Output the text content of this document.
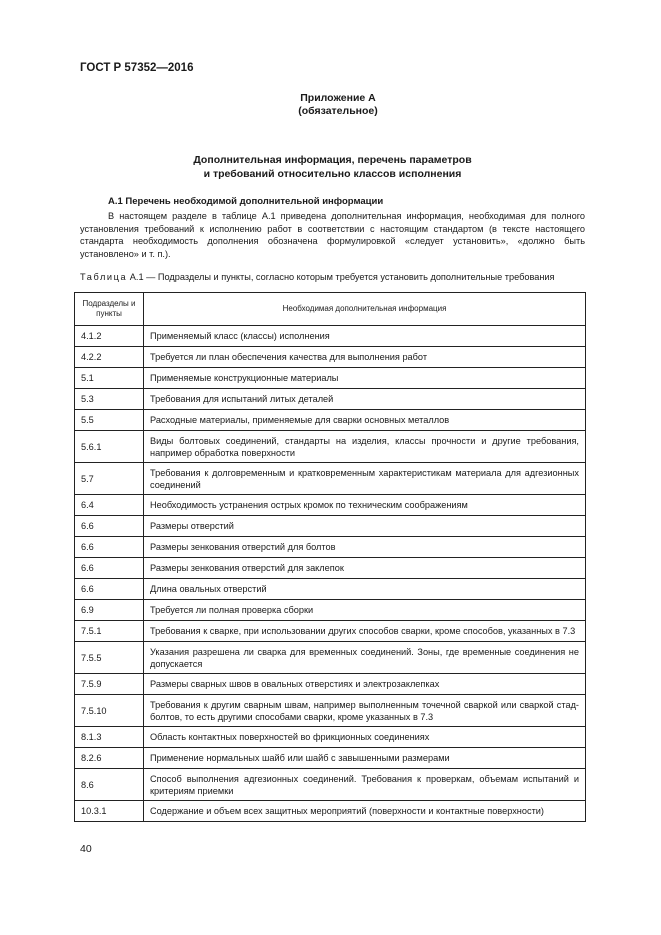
ГОСТ Р 57352—2016
Приложение А
(обязательное)
Дополнительная информация, перечень параметров
и требований относительно классов исполнения
А.1 Перечень необходимой дополнительной информации

В настоящем разделе в таблице А.1 приведена дополнительная информация, необходимая для полного установления требований к исполнению работ в соответствии с настоящим стандартом (в тексте настоящего стандарта необходимость дополнения обозначена формулировкой «следует установить», «должно быть установлено» и т. п.).

Таблица А.1 — Подразделы и пункты, согласно которым требуется установить дополнительные требования
Подразделы и пункты	Необходимая дополнительная информация
4.1.2	Применяемый класс (классы) исполнения
4.2.2	Требуется ли план обеспечения качества для выполнения работ
5.1	Применяемые конструкционные материалы
5.3	Требования для испытаний литых деталей
5.5	Расходные материалы, применяемые для сварки основных металлов
5.6.1	Виды болтовых соединений, стандарты на изделия, классы прочности и другие требования, например обработка поверхности
5.7	Требования к долговременным и кратковременным характеристикам материала для адгезионных соединений
6.4	Необходимость устранения острых кромок по техническим соображениям
6.6	Размеры отверстий
6.6	Размеры зенкования отверстий для болтов
6.6	Размеры зенкования отверстий для заклепок
6.6	Длина овальных отверстий
6.9	Требуется ли полная проверка сборки
7.5.1	Требования к сварке, при использовании других способов сварки, кроме способов, указанных в 7.3
7.5.5	Указания разрешена ли сварка для временных соединений. Зоны, где временные соединения не допускается
7.5.9	Размеры сварных швов в овальных отверстиях и электрозаклепках
7.5.10	Требования к другим сварным швам, например выполненным точечной сваркой или сваркой стад-болтов, то есть другими способами сварки, кроме указанных в 7.3
8.1.3	Область контактных поверхностей во фрикционных соединениях
8.2.6	Применение нормальных шайб или шайб с завышенными размерами
8.6	Способ выполнения адгезионных соединений. Требования к проверкам, объемам испытаний и критериям приемки
10.3.1	Содержание и объем всех защитных мероприятий (поверхности и контактные поверхности)
40
